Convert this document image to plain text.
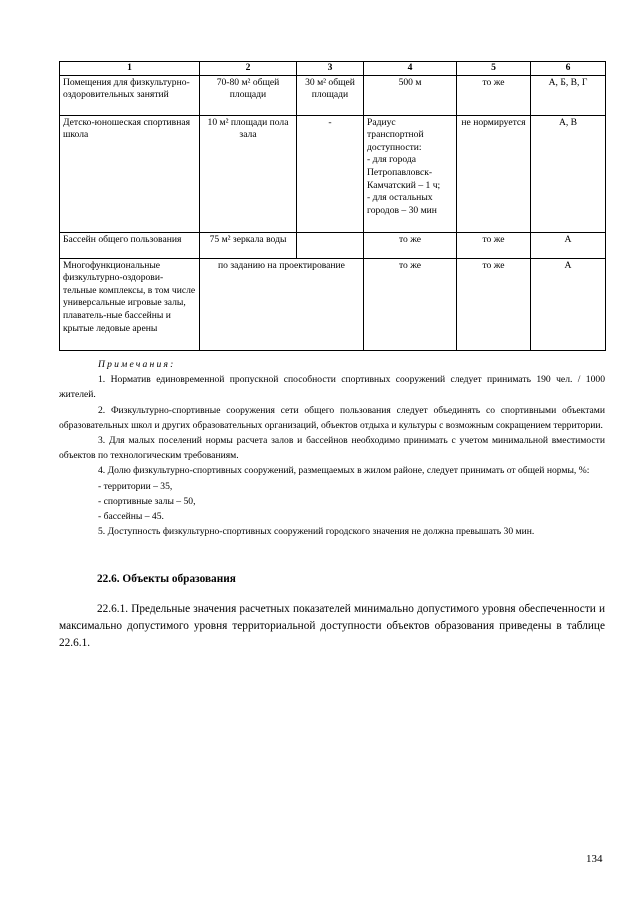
1	2	3	4	5	6
Помещения для физкультурно-оздоровительных занятий	70-80 м² общей площади	30 м² общей площади	500 м	то же	А, Б, В, Г
Детско-юношеская спортивная школа	10 м² площади пола зала	-	Радиус транспортной доступности:
- для города Петропавловск-Камчатский – 1 ч;
- для остальных городов – 30 мин	не нормируется	А, В
Бассейн общего пользования	75 м² зеркала воды		то же	то же	А
Многофункциональные физкультурно-оздорови-тельные комплексы, в том числе универсальные игровые залы, плаватель-ные бассейны и крытые ледовые арены	по заданию на проектирование		то же	то же	А
Примечания:

1. Норматив единовременной пропускной способности спортивных сооружений следует принимать 190 чел. / 1000 жителей.

2. Физкультурно-спортивные сооружения сети общего пользования следует объединять со спортивными объектами образовательных школ и других образовательных организаций, объектов отдыха и культуры с возможным сокращением территории.

3. Для малых поселений нормы расчета залов и бассейнов необходимо принимать с учетом минимальной вместимости объектов по технологическим требованиям.

4. Долю физкультурно-спортивных сооружений, размещаемых в жилом районе, следует принимать от общей нормы, %:

- территории – 35,

- спортивные залы – 50,

- бассейны – 45.

5. Доступность физкультурно-спортивных сооружений городского значения не должна превышать 30 мин.

22.6. Объекты образования

22.6.1. Предельные значения расчетных показателей минимально допустимого уровня обеспеченности и максимально допустимого уровня территориальной доступности объектов образования приведены в таблице 22.6.1.

134
